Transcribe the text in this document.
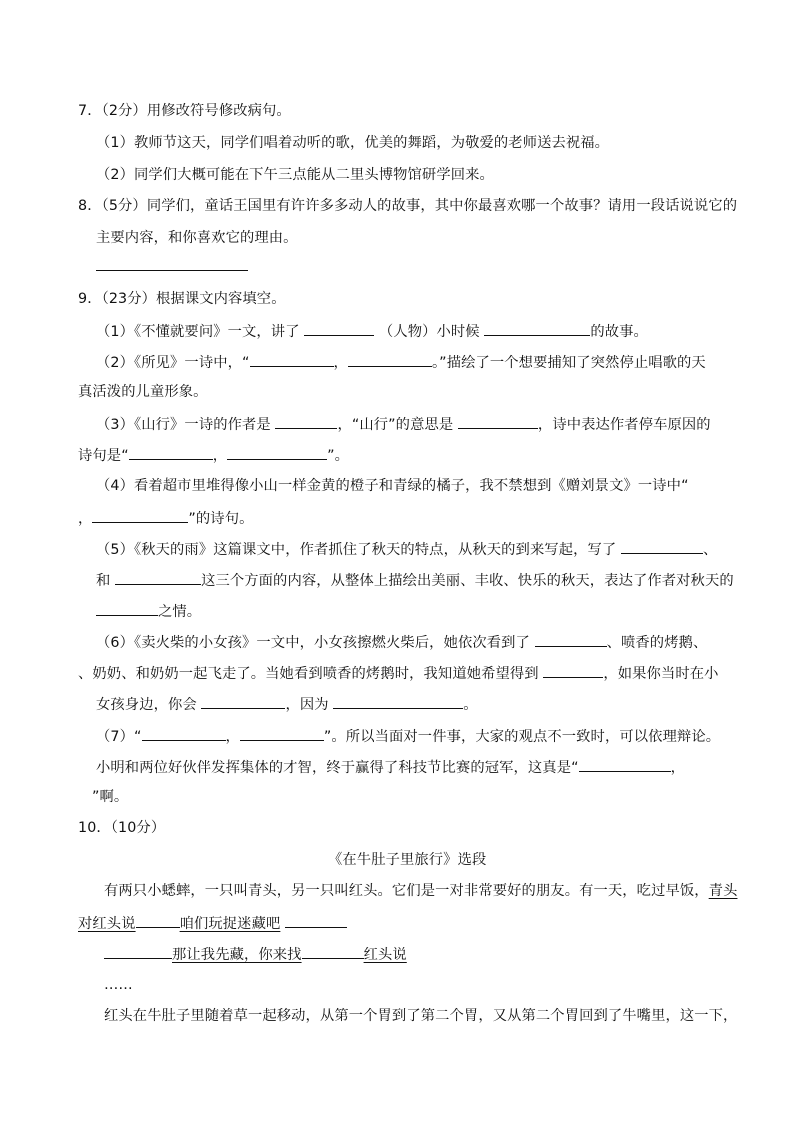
7．（2分）用修改符号修改病句。
（1）教师节这天，同学们唱着动听的歌，优美的舞蹈，为敬爱的老师送去祝福。
（2）同学们大概可能在下午三点能从二里头博物馆研学回来。
8．（5分）同学们，童话王国里有许许多多动人的故事，其中你最喜欢哪一个故事？请用一段话说说它的
主要内容，和你喜欢它的理由。
9．（23分）根据课文内容填空。
（1）《不懂就要问》一文，讲了	（人物）小时候	的故事。
（2）《所见》一诗中，“	，	。”描绘了一个想要捕知了突然停止唱歌的天
真活泼的儿童形象。
（3）《山行》一诗的作者是	，“山行”的意思是	，诗中表达作者停车原因的
诗句是“	，	”。
（4）看着超市里堆得像小山一样金黄的橙子和青绿的橘子，我不禁想到《赠刘景文》一诗中“
，	”的诗句。
（5）《秋天的雨》这篇课文中，作者抓住了秋天的特点，从秋天的到来写起，写了	、
和	这三个方面的内容，从整体上描绘出美丽、丰收、快乐的秋天，表达了作者对秋天的
之情。
（6）《卖火柴的小女孩》一文中，小女孩擦燃火柴后，她依次看到了	、喷香的烤鹅、
、奶奶、和奶奶一起飞走了。当她看到喷香的烤鹅时，我知道她希望得到	，如果你当时在小
女孩身边，你会	，因为	。
（7）“	，	”。所以当面对一件事，大家的观点不一致时，可以依理辩论。
小明和两位好伙伴发挥集体的才智，终于赢得了科技节比赛的冠军，这真是“	，
”啊。
10．（10分）
《在牛肚子里旅行》选段
有两只小蟋蟀，一只叫青头，另一只叫红头。它们是一对非常要好的朋友。有一天，吃过早饭，青头
对红头说	咱们玩捉迷藏吧
那让我先藏，你来找	红头说
……
红头在牛肚子里随着草一起移动，从第一个胃到了第二个胃，又从第二个胃回到了牛嘴里，这一下，
